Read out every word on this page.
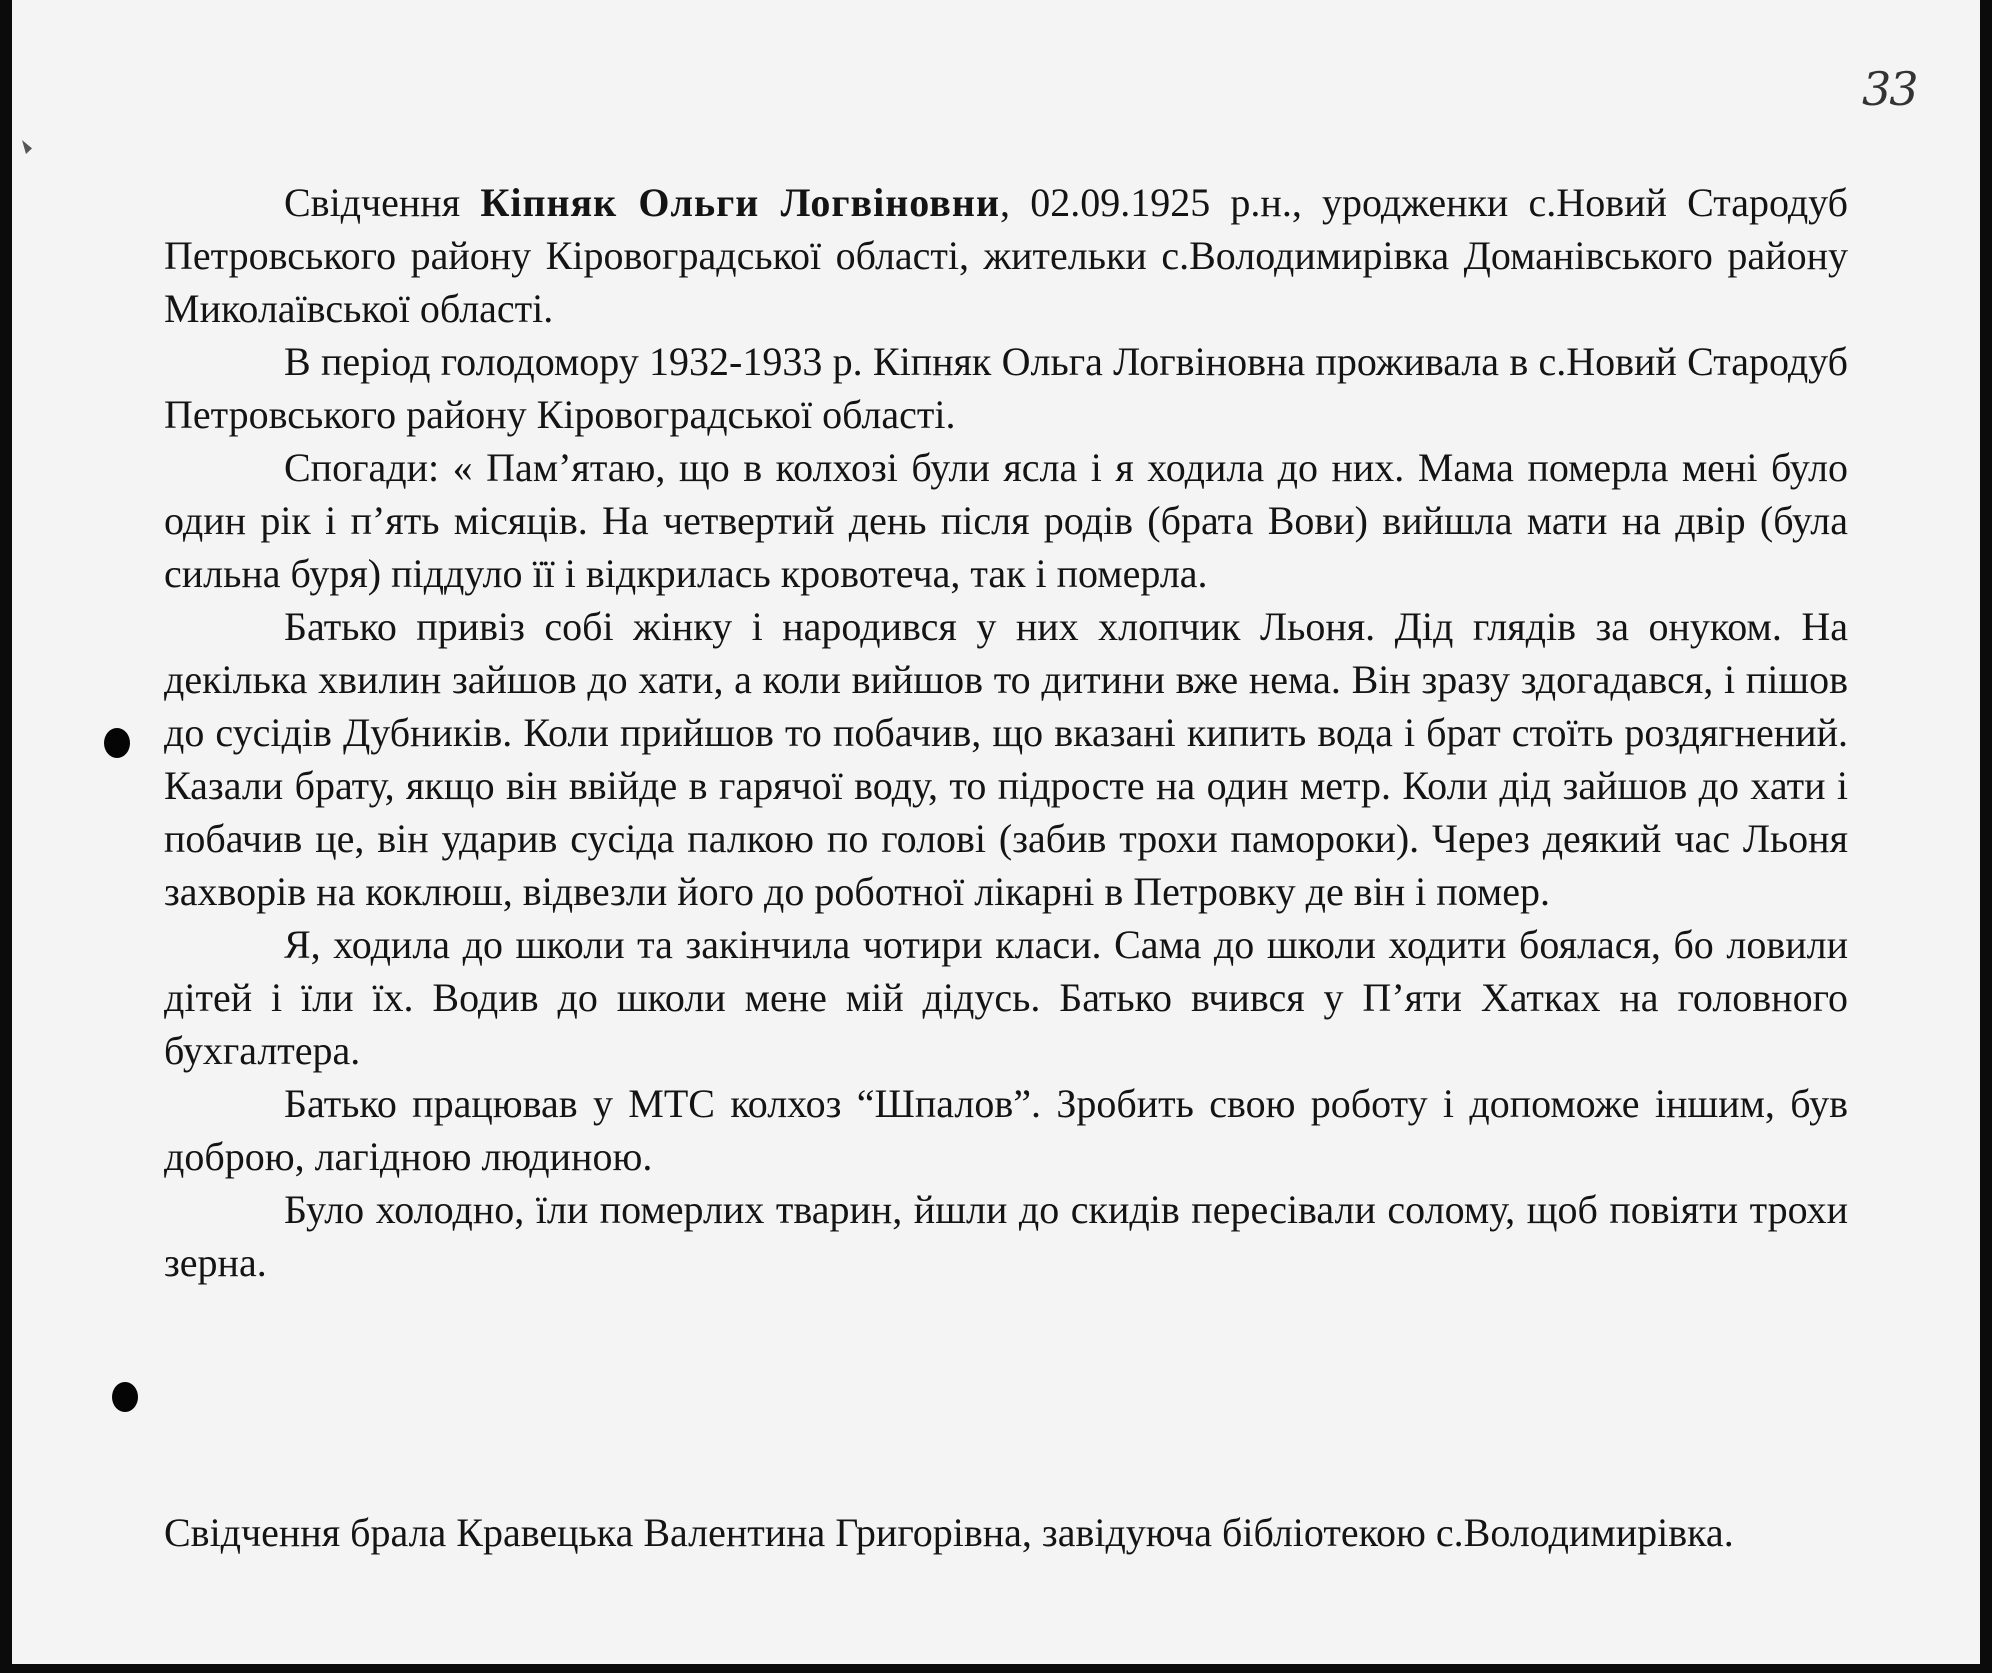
33

Свідчення Кіпняк Ольги Логвіновни, 02.09.1925 р.н., уродженки с.Новий Стародуб Петровського району Кіровоградської області, жительки с.Володимирівка Доманівського району Миколаївської області.

В період голодомору 1932-1933 р. Кіпняк Ольга Логвіновна проживала в с.Новий Стародуб Петровського району Кіровоградської області.

Спогади: « Пам’ятаю, що в колхозі були ясла і я ходила до них. Мама померла мені було один рік і п’ять місяців. На четвертий день після родів (брата Вови) вийшла мати на двір (була сильна буря) піддуло її і відкрилась кровотеча, так і померла.

Батько привіз собі жінку і народився у них хлопчик Льоня. Дід глядів за онуком. На декілька хвилин зайшов до хати, а коли вийшов то дитини вже нема. Він зразу здогадався, і пішов до сусідів Дубників. Коли прийшов то побачив, що вказані кипить вода і брат стоїть роздягнений. Казали брату, якщо він ввійде в гарячої воду, то підросте на один метр. Коли дід зайшов до хати і побачив це, він ударив сусіда палкою по голові (забив трохи памороки). Через деякий час Льоня захворів на коклюш, відвезли його до роботної лікарні в Петровку де він і помер.

Я, ходила до школи та закінчила чотири класи. Сама до школи ходити боялася, бо ловили дітей і їли їх. Водив до школи мене мій дідусь. Батько вчився у П’яти Хатках на головного бухгалтера.

Батько працював у МТС колхоз “Шпалов”. Зробить свою роботу і допоможе іншим, був доброю, лагідною людиною.

Було холодно, їли померлих тварин, йшли до скидів пересівали солому, щоб повіяти трохи зерна.

Свідчення брала Кравецька Валентина Григорівна, завідуюча бібліотекою с.Володимирівка.
